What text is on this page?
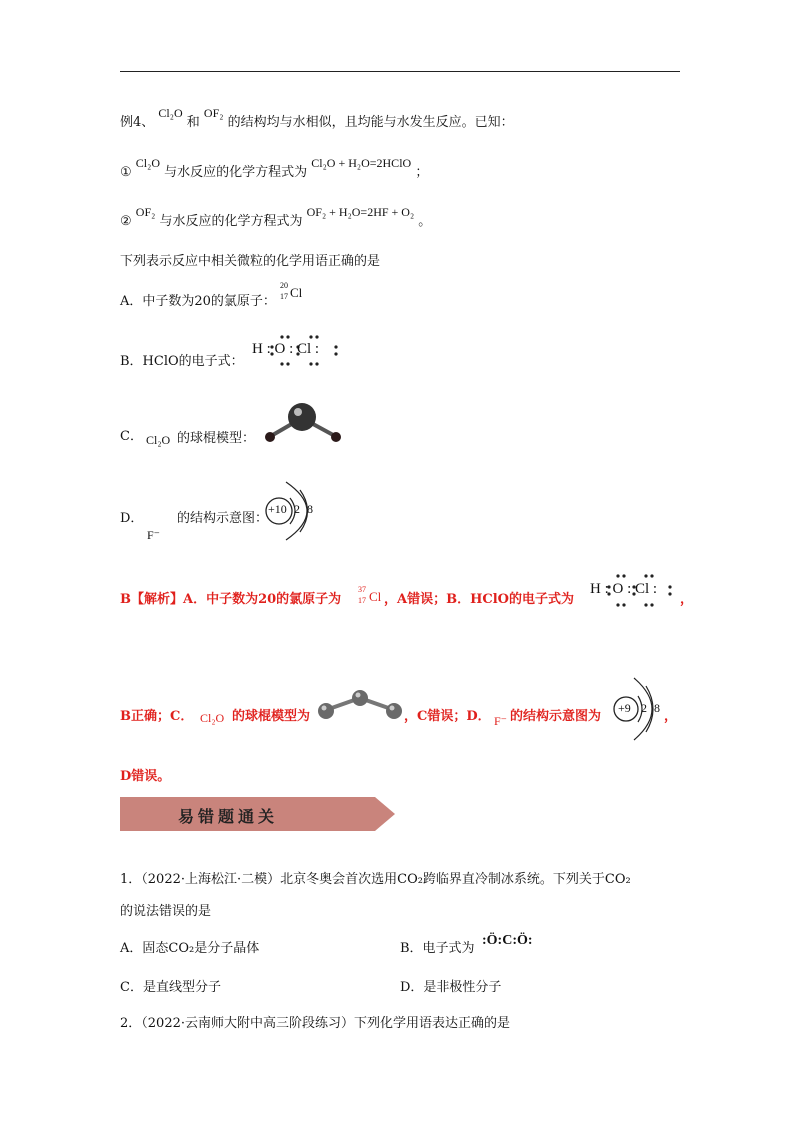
例4、 Cl₂O 和 OF₂ 的结构均与水相似，且均能与水发生反应。已知：
① Cl₂O 与水反应的化学方程式为 Cl₂O + H₂O=2HClO ；
② OF₂ 与水反应的化学方程式为 OF₂ + H₂O=2HF + O₂ 。
下列表示反应中相关微粒的化学用语正确的是
A．中子数为20的氯原子：
20
17 Cl
B．HClO的电子式：
H : O : Cl :
C． Cl₂O 的球棍模型：
D．	的结构示意图：
F⁻
+10 2 8
B【解析】A．中子数为20的氯原子为
37
17 Cl ，A错误；B．HClO的电子式为
H : O : Cl :
，
B正确；C． Cl₂O 的球棍模型为	，C错误；D． F⁻ 的结构示意图为
+9 2 8
，
D错误。
易错题通关
1．（2022·上海松江·二模）北京冬奥会首次选用CO₂跨临界直冷制冰系统。下列关于CO₂
的说法错误的是
A．固态CO₂是分子晶体	B．电子式为
:Ö:C:Ö:
C．是直线型分子	D．是非极性分子
2．（2022·云南师大附中高三阶段练习）下列化学用语表达正确的是
